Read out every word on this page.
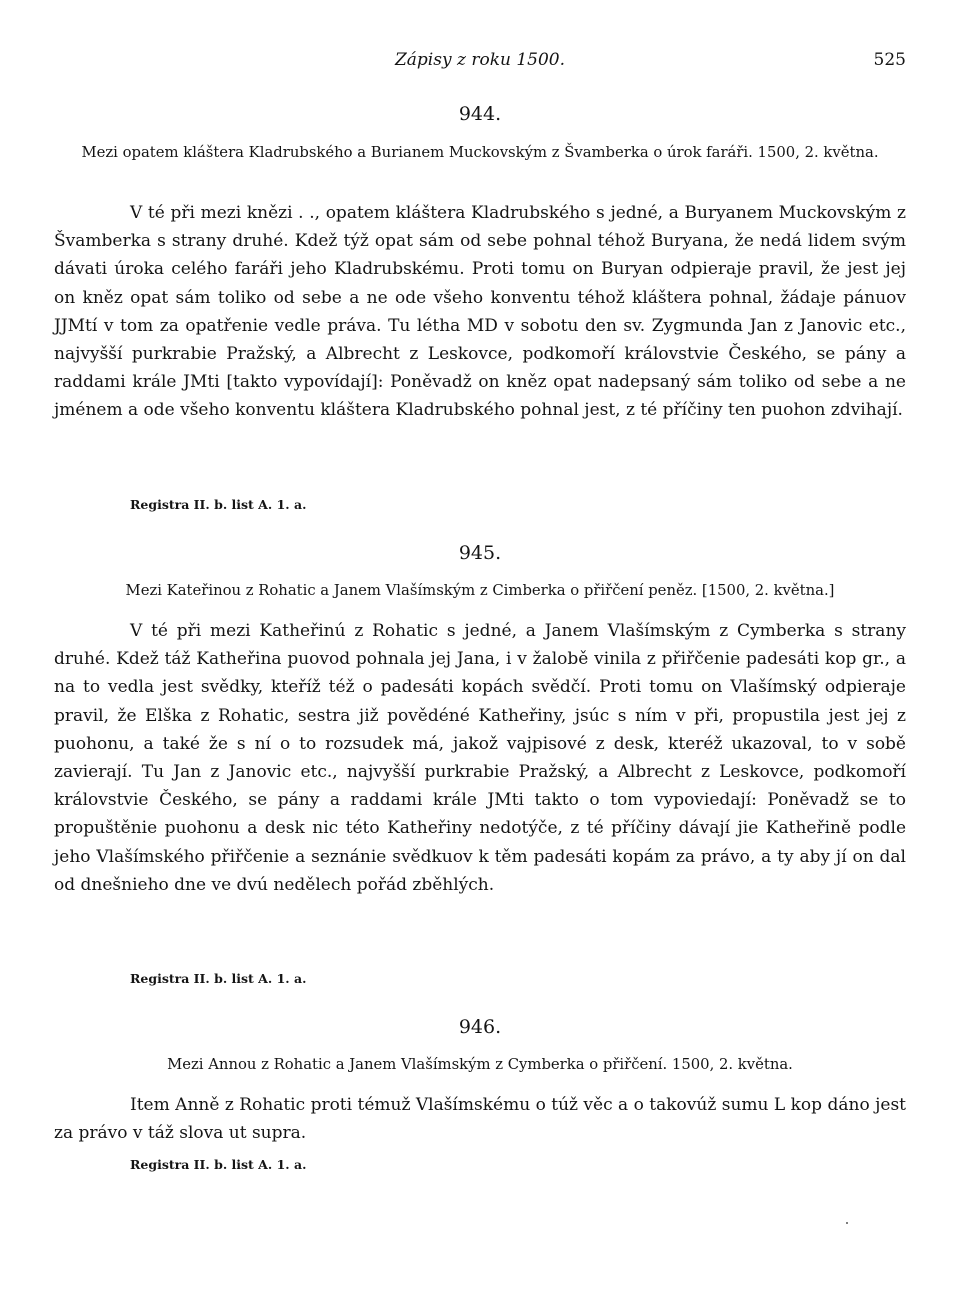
Zápisy z roku 1500.	525
944.
Mezi opatem kláštera Kladrubského a Burianem Muckovským z Švamberka o úrok faráři. 1500, 2. května.

V té při mezi knězi . ., opatem kláštera Kladrubského s jedné, a Buryanem Muckovským z Švamberka s strany druhé. Kdež týž opat sám od sebe pohnal téhož Buryana, že nedá lidem svým dávati úroka celého faráři jeho Kladrubskému. Proti tomu on Buryan odpieraje pravil, že jest jej on kněz opat sám toliko od sebe a ne ode všeho konventu téhož kláštera pohnal, žádaje pánuov JJMtí v tom za opatřenie vedle práva. Tu létha MD v sobotu den sv. Zygmunda Jan z Janovic etc., najvyšší purkrabie Pražský, a Albrecht z Leskovce, podkomoří královstvie Českého, se pány a raddami krále JMti [takto vypovídají]: Poněvadž on kněz opat nadepsaný sám toliko od sebe a ne jménem a ode všeho konventu kláštera Kladrubského pohnal jest, z té příčiny ten puohon zdvihají.

Registra II. b. list A. 1. a.
945.
Mezi Kateřinou z Rohatic a Janem Vlašímským z Cimberka o přiřčení peněz. [1500, 2. května.]

V té při mezi Katheřinú z Rohatic s jedné, a Janem Vlašímským z Cymberka s strany druhé. Kdež táž Katheřina puovod pohnala jej Jana, i v žalobě vinila z přiřčenie padesáti kop gr., a na to vedla jest svědky, kteříž též o padesáti kopách svědčí. Proti tomu on Vlašímský odpieraje pravil, že Elška z Rohatic, sestra již povědéné Katheřiny, jsúc s ním v při, propustila jest jej z puohonu, a také že s ní o to rozsudek má, jakož vajpisové z desk, kteréž ukazoval, to v sobě zavierají. Tu Jan z Janovic etc., najvyšší purkrabie Pražský, a Albrecht z Leskovce, podkomoří královstvie Českého, se pány a raddami krále JMti takto o tom vypoviedají: Poněvadž se to propuštěnie puohonu a desk nic této Katheřiny nedotýče, z té příčiny dávají jie Katheřině podle jeho Vlašímského přiřčenie a seznánie svědkuov k těm padesáti kopám za právo, a ty aby jí on dal od dnešnieho dne ve dvú nedělech pořád zběhlých.

Registra II. b. list A. 1. a.
946.
Mezi Annou z Rohatic a Janem Vlašímským z Cymberka o přiřčení. 1500, 2. května.

Item Anně z Rohatic proti témuž Vlašímskému o túž věc a o takovúž sumu L kop dáno jest za právo v táž slova ut supra.

Registra II. b. list A. 1. a.
